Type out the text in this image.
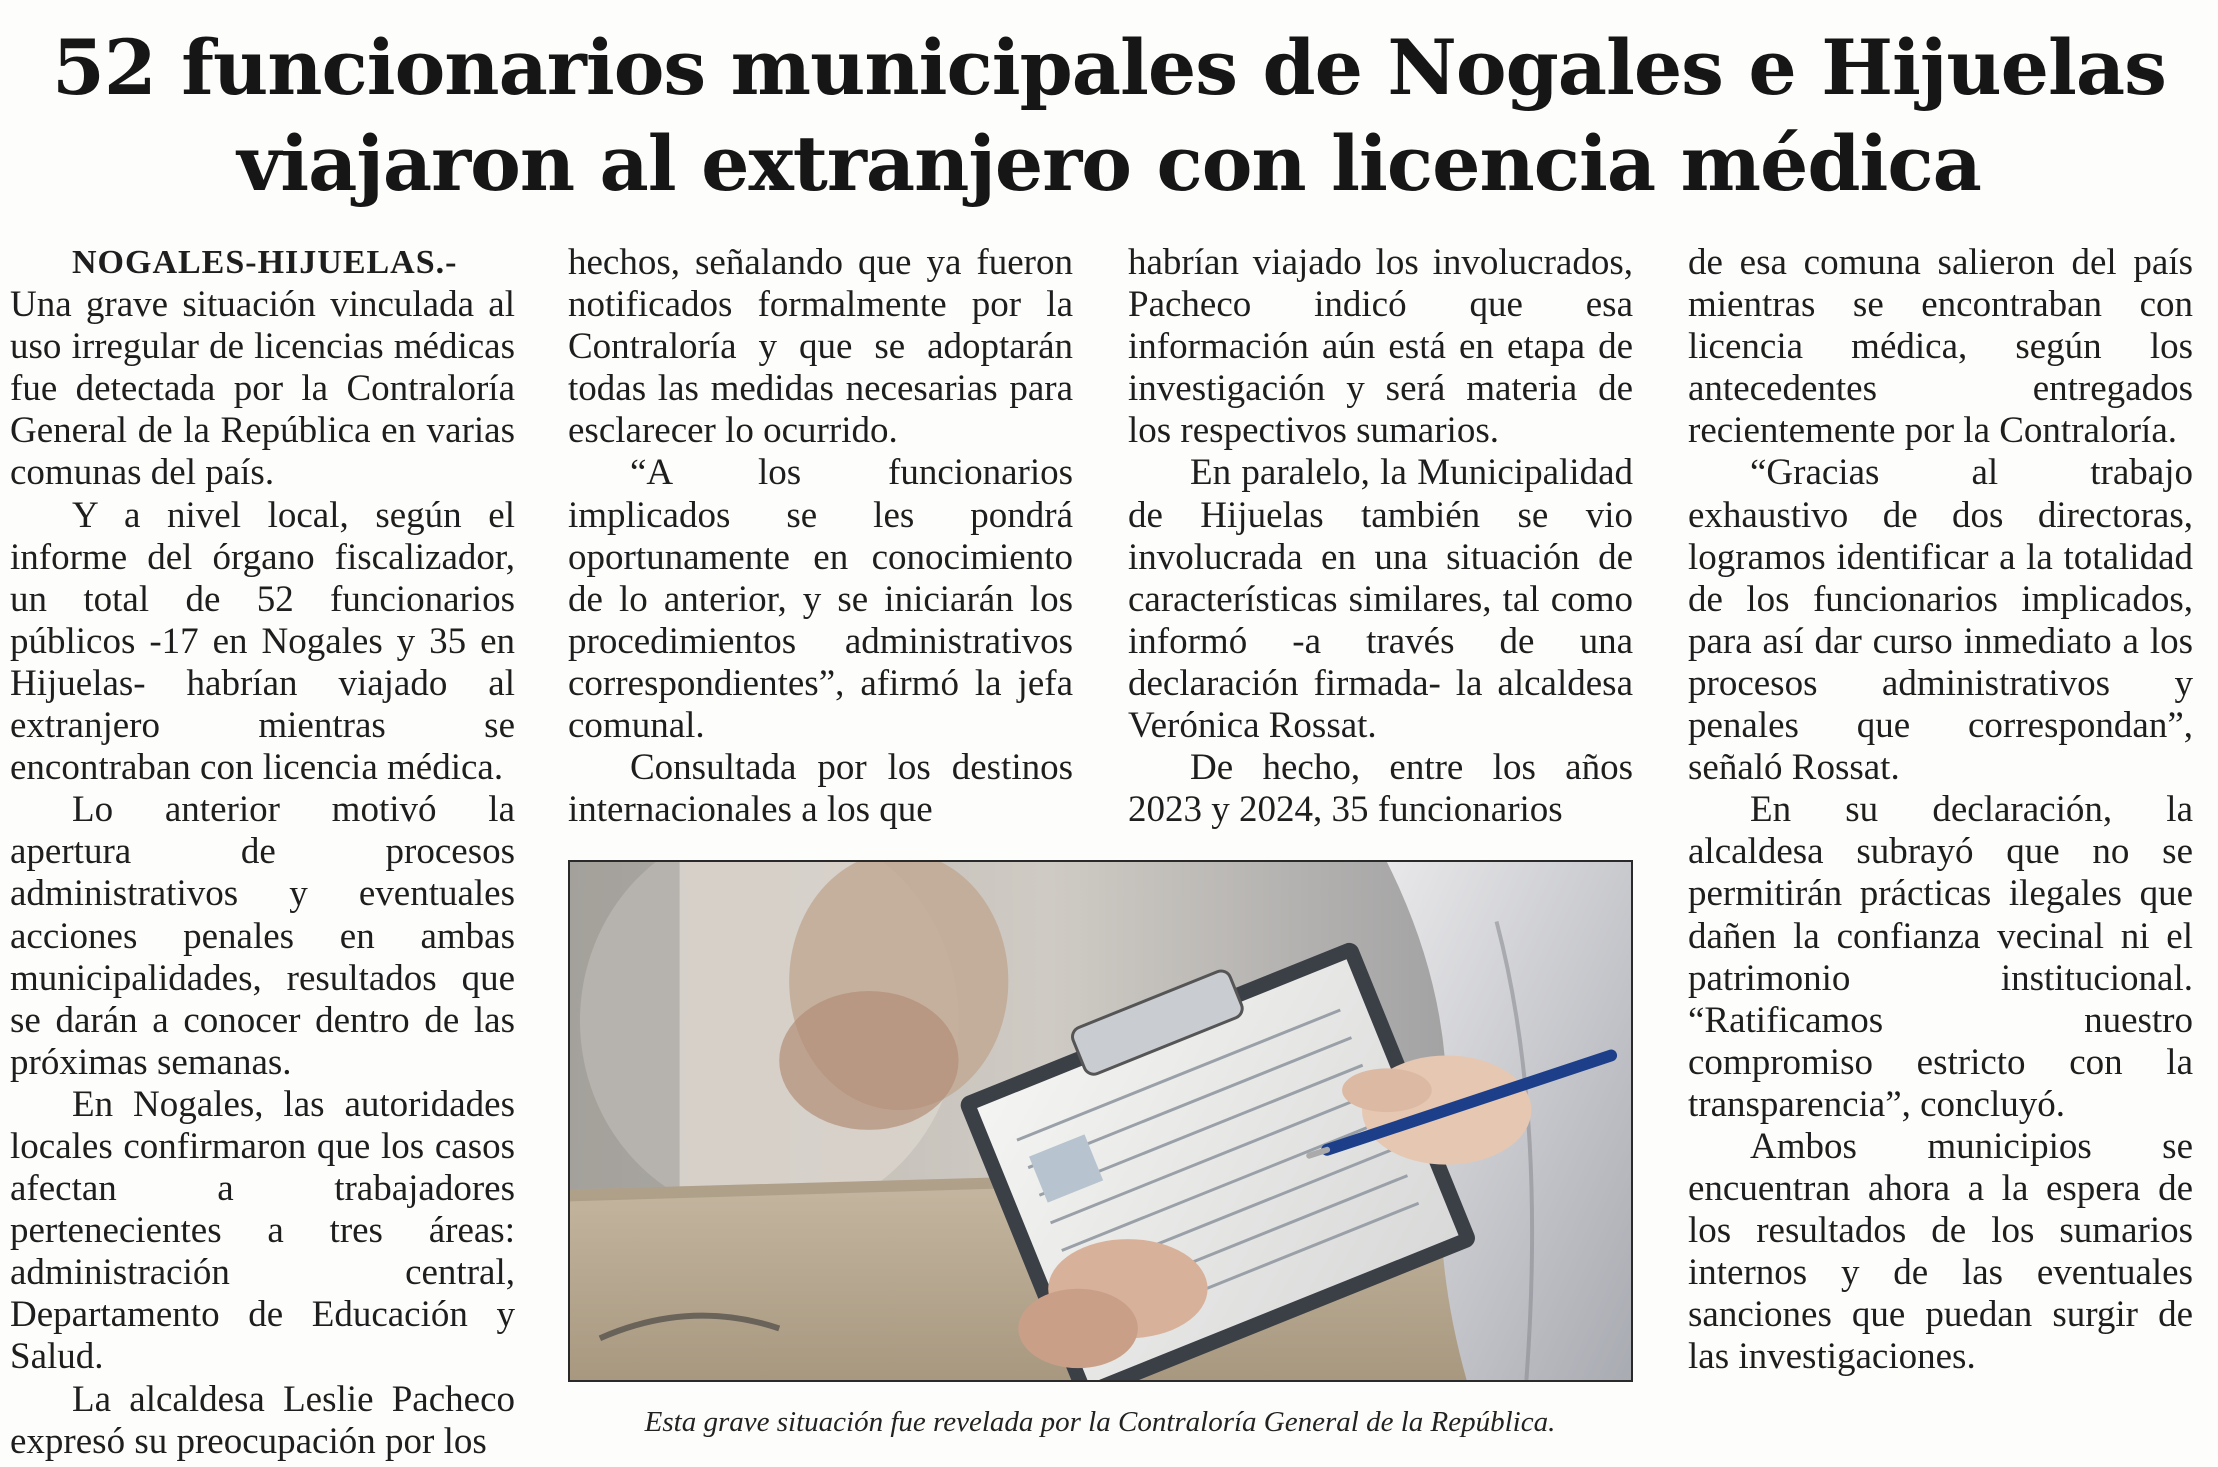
52 funcionarios municipales de Nogales e Hijuelas
viajaron al extranjero con licencia médica

NOGALES-HIJUELAS.-
Una grave situación vinculada al uso irregular de licencias médicas fue detectada por la Contraloría General de la República en varias comunas del país.

Y a nivel local, según el informe del órgano fiscalizador, un total de 52 funcionarios públicos -17 en Nogales y 35 en Hijuelas- habrían viajado al extranjero mientras se encontraban con licencia médica.

Lo anterior motivó la apertura de procesos administrativos y eventuales acciones penales en ambas municipalidades, resultados que se darán a conocer dentro de las próximas semanas.

En Nogales, las autoridades locales confirmaron que los casos afectan a trabajadores pertenecientes a tres áreas: administración central, Departamento de Educación y Salud.

La alcaldesa Leslie Pacheco expresó su preocupación por los

hechos, señalando que ya fueron notificados formalmente por la Contraloría y que se adoptarán todas las medidas necesarias para esclarecer lo ocurrido.

“A los funcionarios implicados se les pondrá oportunamente en conocimiento de lo anterior, y se iniciarán los procedimientos administrativos correspondientes”, afirmó la jefa comunal.

Consultada por los destinos internacionales a los que

habrían viajado los involucrados, Pacheco indicó que esa información aún está en etapa de investigación y será materia de los respectivos sumarios.

En paralelo, la Municipalidad de Hijuelas también se vio involucrada en una situación de características similares, tal como informó -a través de una declaración firmada- la alcaldesa Verónica Rossat.

De hecho, entre los años 2023 y 2024, 35 funcionarios

de esa comuna salieron del país mientras se encontraban con licencia médica, según los antecedentes entregados recientemente por la Contraloría.

“Gracias al trabajo exhaustivo de dos directoras, logramos identificar a la totalidad de los funcionarios implicados, para así dar curso inmediato a los procesos administrativos y penales que correspondan”, señaló Rossat.

En su declaración, la alcaldesa subrayó que no se permitirán prácticas ilegales que dañen la confianza vecinal ni el patrimonio institucional. “Ratificamos nuestro compromiso estricto con la transparencia”, concluyó.

Ambos municipios se encuentran ahora a la espera de los resultados de los sumarios internos y de las eventuales sanciones que puedan surgir de las investigaciones.

Esta grave situación fue revelada por la Contraloría General de la República.
